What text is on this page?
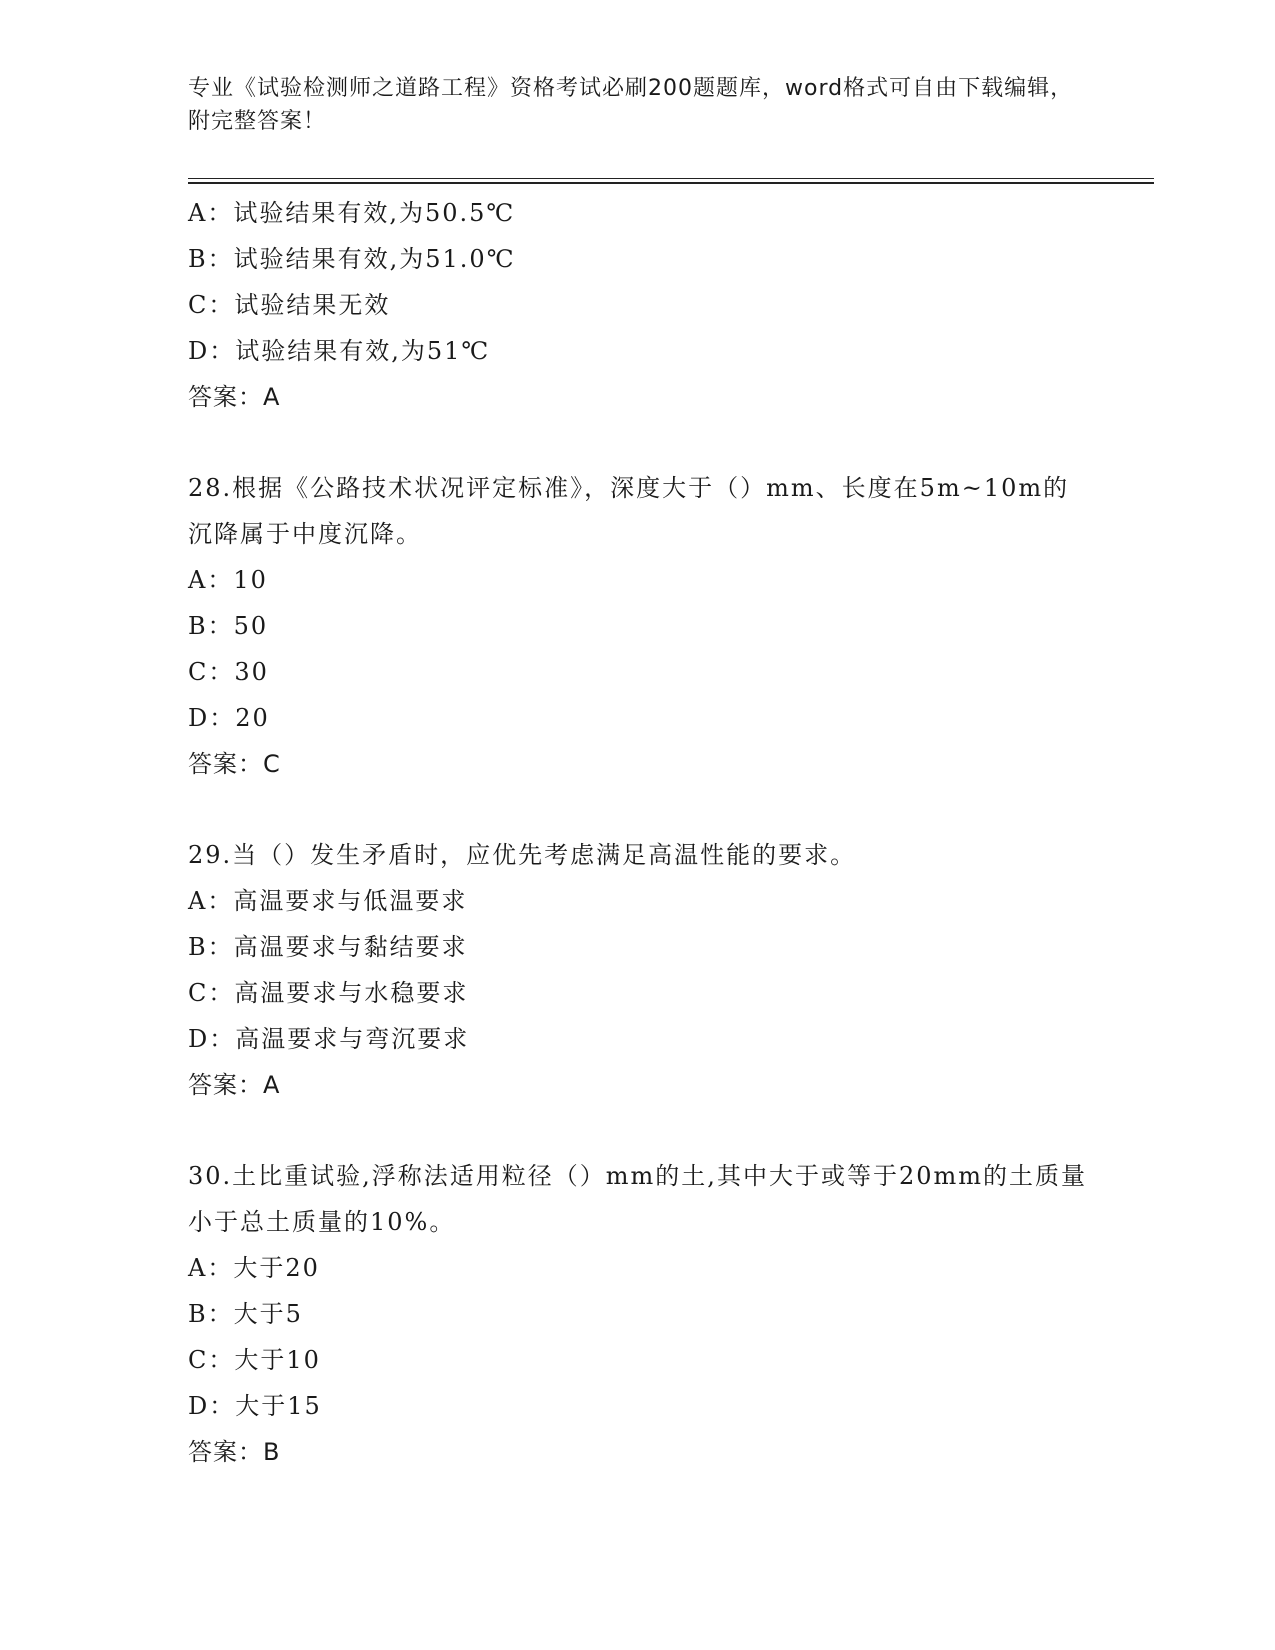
专业《试验检测师之道路工程》资格考试必刷200题题库，word格式可自由下载编辑，附完整答案！
A：试验结果有效,为50.5℃
B：试验结果有效,为51.0℃
C：试验结果无效
D：试验结果有效,为51℃
答案：A
28.根据《公路技术状况评定标准》，深度大于（）mm、长度在5m~10m的沉降属于中度沉降。
A：10
B：50
C：30
D：20
答案：C
29.当（）发生矛盾时，应优先考虑满足高温性能的要求。
A：高温要求与低温要求
B：高温要求与黏结要求
C：高温要求与水稳要求
D：高温要求与弯沉要求
答案：A
30.土比重试验,浮称法适用粒径（）mm的土,其中大于或等于20mm的土质量小于总土质量的10%。
A：大于20
B：大于5
C：大于10
D：大于15
答案：B
